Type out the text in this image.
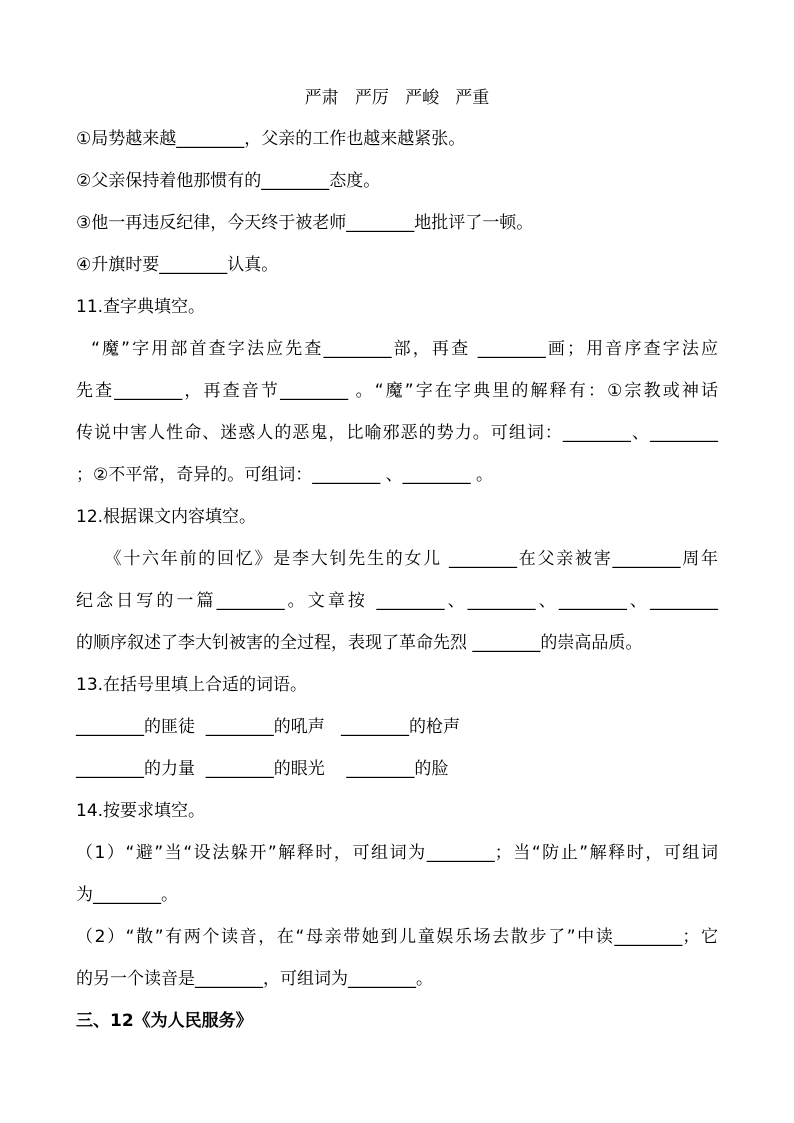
严肃   严厉   严峻   严重
①局势越来越________，父亲的工作也越来越紧张。
②父亲保持着他那惯有的________态度。
③他一再违反纪律，今天终于被老师________地批评了一顿。
④升旗时要________认真。
11.查字典填空。
“魔”字用部首查字法应先查________部，再查 ________画；用音序查字法应
先查________，再查音节________ 。“魔”字在字典里的解释有：①宗教或神话
传说中害人性命、迷惑人的恶鬼，比喻邪恶的势力。可组词：________、________
；②不平常，奇异的。可组词：________ 、________ 。
12.根据课文内容填空。
《十六年前的回忆》是李大钊先生的女儿 ________在父亲被害________周年
纪念日写的一篇________。文章按 ________、________、________、________
的顺序叙述了李大钊被害的全过程，表现了革命先烈 ________的崇高品质。
13.在括号里填上合适的词语。
________的匪徒  ________的吼声   ________的枪声
________的力量  ________的眼光    ________的脸
14.按要求填空。
（1）“避”当“设法躲开”解释时，可组词为________；当“防止”解释时，可组词
为________。
（2）“散”有两个读音，在“母亲带她到儿童娱乐场去散步了”中读________；它
的另一个读音是________，可组词为________。
三、12《为人民服务》
